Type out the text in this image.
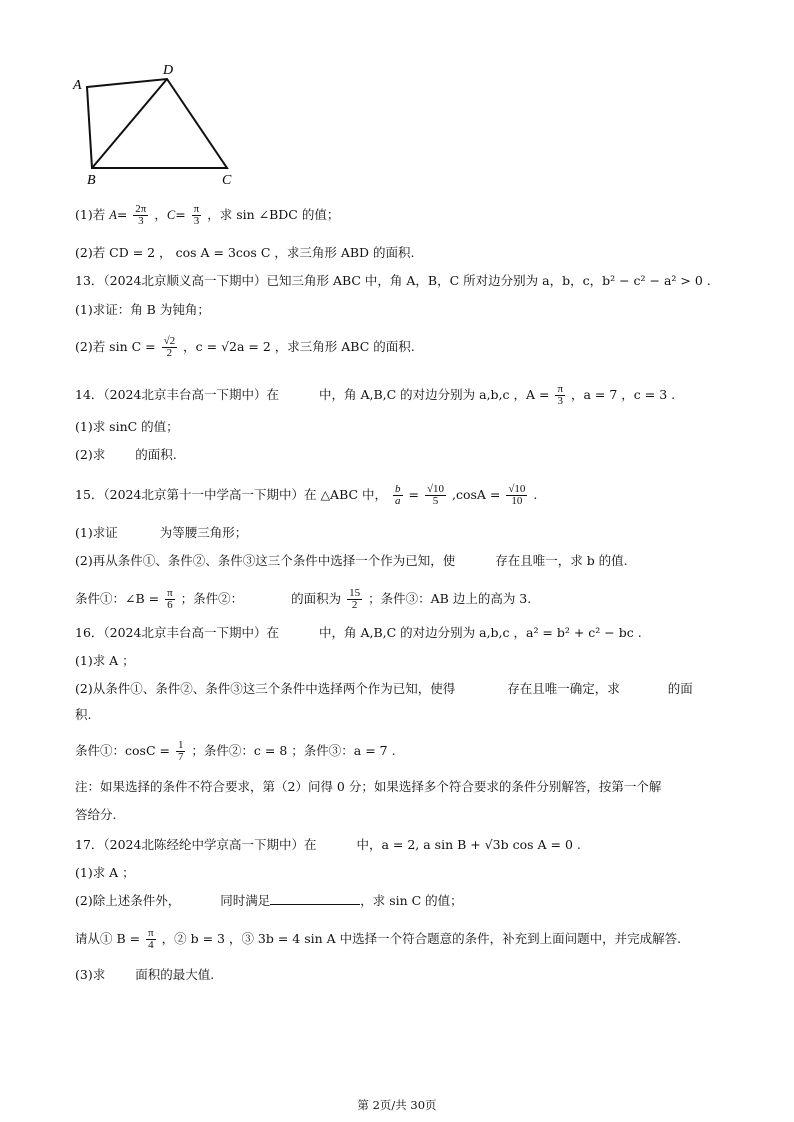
A
D
B	C
(1)若 $A= \frac{2\pi}{3}$ ，$C= \frac{\pi}{3}$ ，求 sin ∠BDC 的值；
(2)若 CD = 2 ， cos A = 3cos C ，求三角形 ABD 的面积.
13．（2024北京顺义高一下期中）已知三角形 ABC 中，角 A，B，C 所对边分别为 a，b，c，b² − c² − a² > 0 .
(1)求证：角 B 为钝角；
(2)若 $\sin C = \frac{√2}{2}$ ，c = √2a = 2 ，求三角形 ABC 的面积.
14．（2024北京丰台高一下期中）在	中，角 A,B,C 的对边分别为 a,b,c ，$A = \frac{\pi}{3}$ ，a = 7 ，c = 3 .
(1)求 sinC 的值；
(2)求 的面积.
15．（2024北京第十一中学高一下期中）在 △ABC 中， $\frac{b}{a} = \frac{√10}{5} ,\cos A = \frac{√10}{10}$ .
(1)求证	为等腰三角形；
(2)再从条件①、条件②、条件③这三个条件中选择一个作为已知，使	存在且唯一，求 b 的值.
条件①：∠B = $\frac{\pi}{6}$ ；条件②：	的面积为 $\frac{15}{2}$ ；条件③：AB 边上的高为 3.
16．（2024北京丰台高一下期中）在	中，角 A,B,C 的对边分别为 a,b,c ，a² = b² + c² − bc .
(1)求 A ；
(2)从条件①、条件②、条件③这三个条件中选择两个作为已知，使得	存在且唯一确定，求	的面
积.
条件①：$\cos C = \frac{1}{7}$ ；条件②：c = 8 ；条件③：a = 7 .
注：如果选择的条件不符合要求，第（2）问得 0 分；如果选择多个符合要求的条件分别解答，按第一个解
答给分.
17．（2024北陈经纶中学京高一下期中）在	中，a = 2, a sin B + √3b cos A = 0 .
(1)求 A ；
(2)除上述条件外，	同时满足	，求 sin C 的值；
请从① $B = \frac{\pi}{4}$ ，② b = 3 ，③ 3b = 4 sin A 中选择一个符合题意的条件，补充到上面问题中，并完成解答.
(3)求 面积的最大值.
第 2页/共 30页
